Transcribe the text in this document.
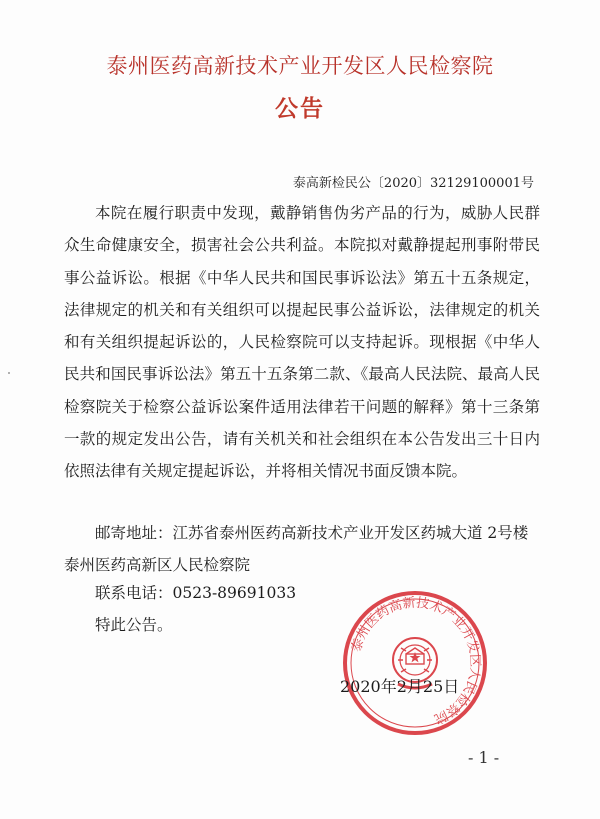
泰州医药高新技术产业开发区人民检察院
公告
泰高新检民公〔2020〕32129100001号

本院在履行职责中发现，戴静销售伪劣产品的行为，威胁人民群众生命健康安全，损害社会公共利益。本院拟对戴静提起刑事附带民事公益诉讼。根据《中华人民共和国民事诉讼法》第五十五条规定，法律规定的机关和有关组织可以提起民事公益诉讼，法律规定的机关和有关组织提起诉讼的，人民检察院可以支持起诉。现根据《中华人民共和国民事诉讼法》第五十五条第二款、《最高人民法院、最高人民检察院关于检察公益诉讼案件适用法律若干问题的解释》第十三条第一款的规定发出公告，请有关机关和社会组织在本公告发出三十日内依照法律有关规定提起诉讼，并将相关情况书面反馈本院。

邮寄地址：江苏省泰州医药高新技术产业开发区药城大道 2号楼泰州医药高新区人民检察院
联系电话：0523-89691033
特此公告。
泰州医药高新技术产业开发区人民检察院
2020年2月25日
- 1 -
